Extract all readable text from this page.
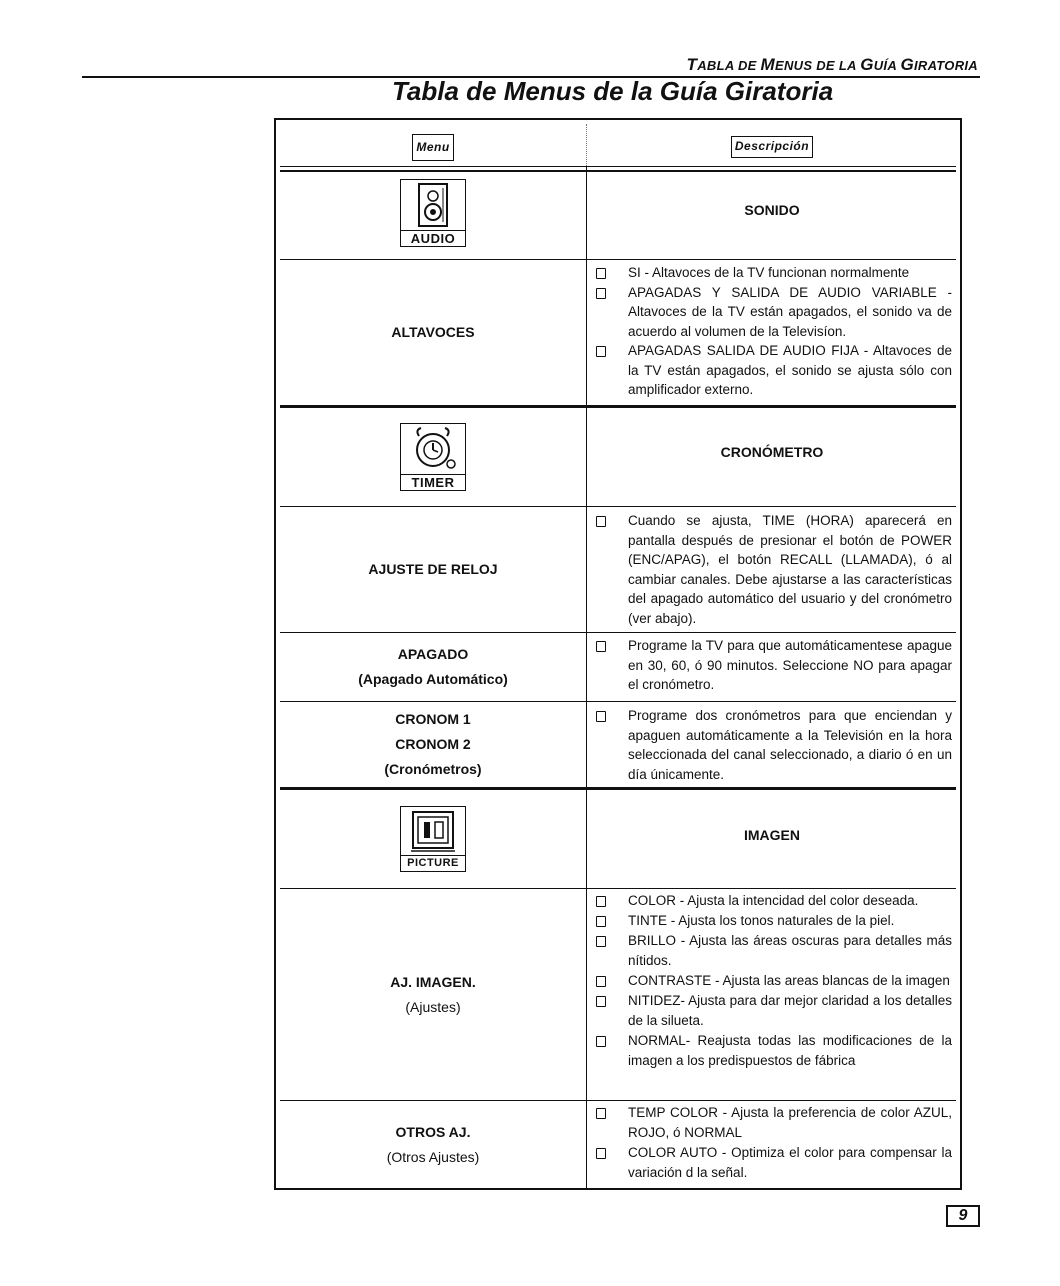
TABLA DE MENUS DE LA GUÍA GIRATORIA
Tabla de Menus de la Guía Giratoria
Menu	Descripción
AUDIO
SONIDO
ALTAVOCES
SI - Altavoces de la TV funcionan normalmente
APAGADAS Y SALIDA DE AUDIO VARIABLE - Altavoces de la TV están apagados, el sonido va de acuerdo al volumen de la Televisíon.
APAGADAS SALIDA DE AUDIO FIJA - Altavoces de la TV están apagados, el sonido se ajusta sólo con amplificador externo.
TIMER
CRONÓMETRO
AJUSTE DE RELOJ
Cuando se ajusta, TIME (HORA) aparecerá en pantalla después de presionar el botón de POWER (ENC/APAG), el botón RECALL (LLAMADA), ó al cambiar canales. Debe ajustarse a las características del apagado automático del usuario y del cronómetro (ver abajo).
APAGADO
(Apagado Automático)
Programe la TV para que automáticamentese apague en 30, 60, ó 90 minutos. Seleccione NO para apagar el cronómetro.
CRONOM 1
CRONOM 2
(Cronómetros)
Programe dos cronómetros para que enciendan y apaguen automáticamente a la Televisión en la hora seleccionada del canal seleccionado, a diario ó en un día únicamente.
PICTURE
IMAGEN
AJ. IMAGEN.
(Ajustes)
COLOR - Ajusta la intencidad del color deseada.
TINTE - Ajusta los tonos naturales de la piel.
BRILLO - Ajusta las áreas oscuras para detalles más nítidos.
CONTRASTE - Ajusta las areas blancas de la imagen
NITIDEZ- Ajusta para dar mejor claridad a los detalles de la silueta.
NORMAL- Reajusta todas las modificaciones de la imagen a los predispuestos de fábrica
OTROS AJ.
(Otros Ajustes)
TEMP COLOR - Ajusta la preferencia de color AZUL, ROJO, ó NORMAL
COLOR AUTO - Optimiza el color para compensar la variación d la señal.
9
